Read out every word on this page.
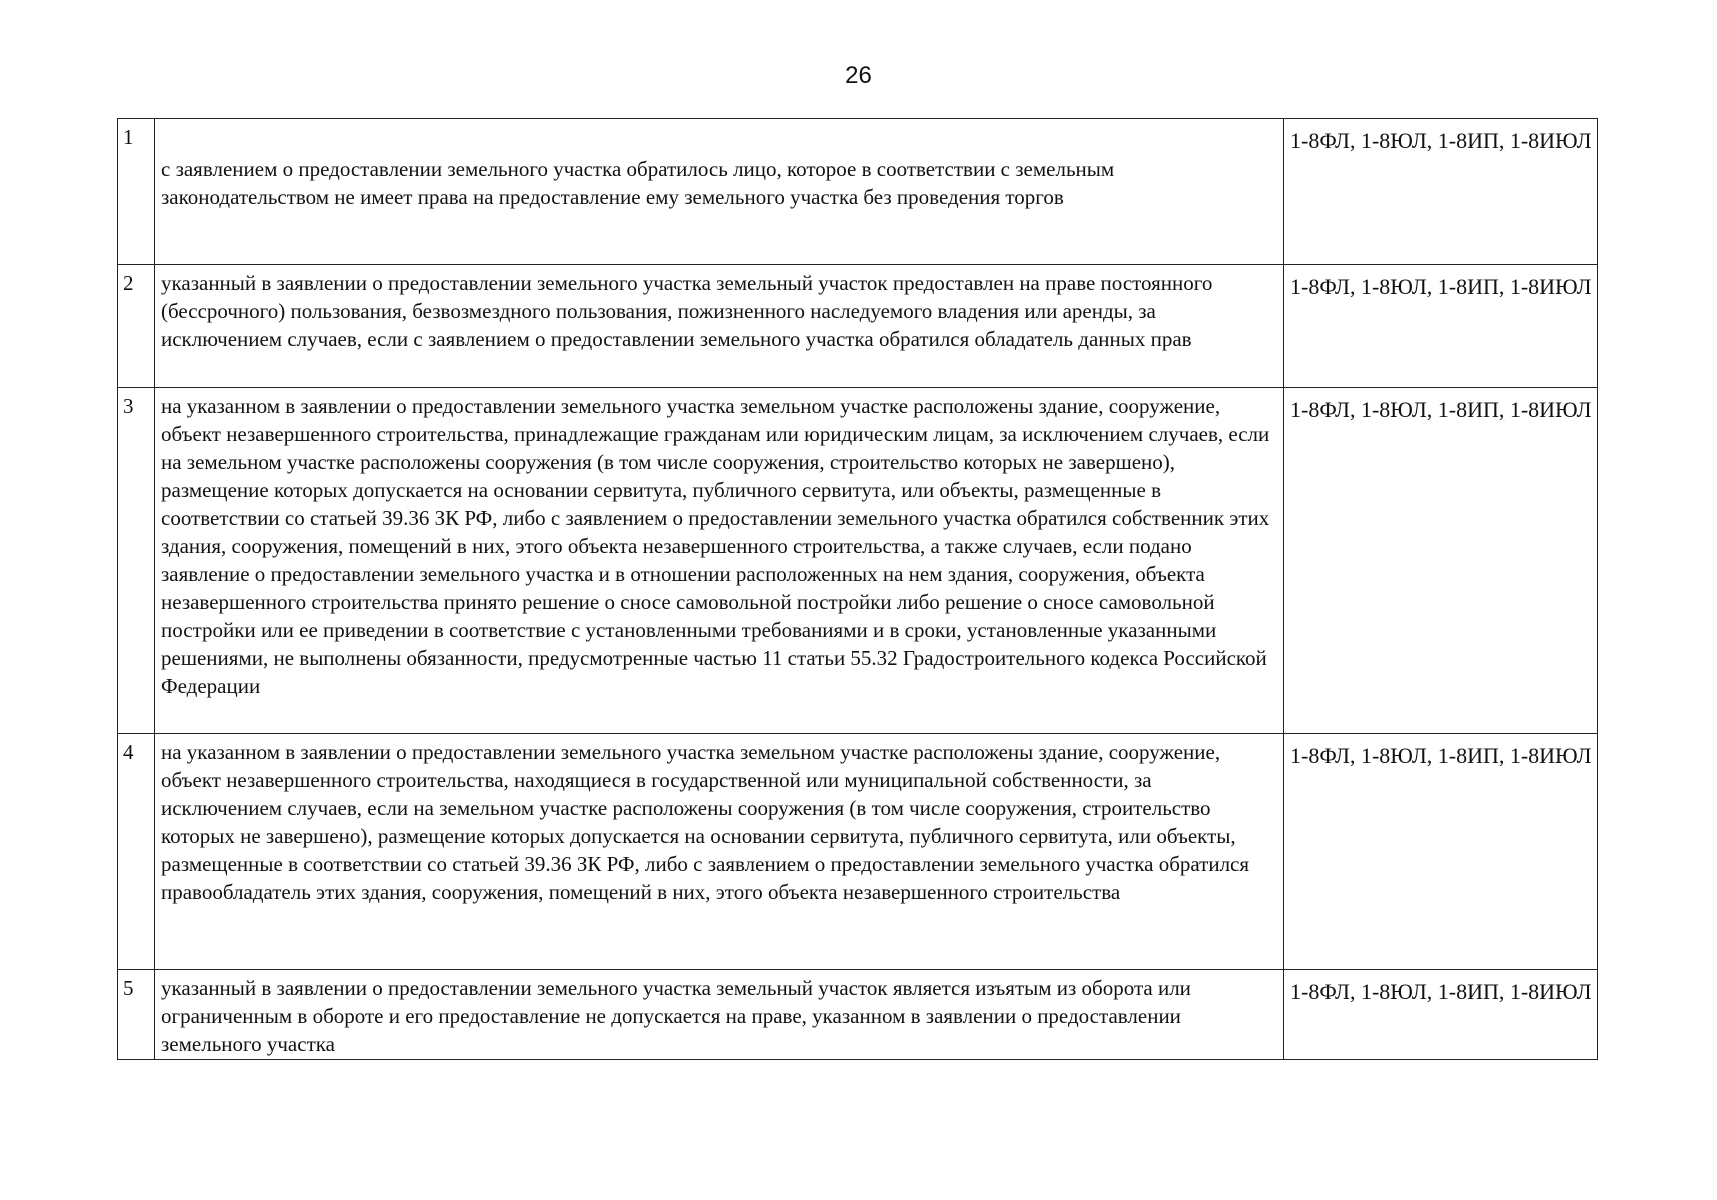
26
1	с заявлением о предоставлении земельного участка обратилось лицо, которое в соответствии с земельным законодательством не имеет права на предоставление ему земельного участка без проведения торгов	1-8ФЛ, 1-8ЮЛ, 1-8ИП, 1-8ИЮЛ
2	указанный в заявлении о предоставлении земельного участка земельный участок предоставлен на праве постоянного (бессрочного) пользования, безвозмездного пользования, пожизненного наследуемого владения или аренды, за исключением случаев, если с заявлением о предоставлении земельного участка обратился обладатель данных прав	1-8ФЛ, 1-8ЮЛ, 1-8ИП, 1-8ИЮЛ
3	на указанном в заявлении о предоставлении земельного участка земельном участке расположены здание, сооружение, объект незавершенного строительства, принадлежащие гражданам или юридическим лицам, за исключением случаев, если на земельном участке расположены сооружения (в том числе сооружения, строительство которых не завершено), размещение которых допускается на основании сервитута, публичного сервитута, или объекты, размещенные в соответствии со статьей 39.36 ЗК РФ, либо с заявлением о предоставлении земельного участка обратился собственник этих здания, сооружения, помещений в них, этого объекта незавершенного строительства, а также случаев, если подано заявление о предоставлении земельного участка и в отношении расположенных на нем здания, сооружения, объекта незавершенного строительства принято решение о сносе самовольной постройки либо решение о сносе самовольной постройки или ее приведении в соответствие с установленными требованиями и в сроки, установленные указанными решениями, не выполнены обязанности, предусмотренные частью 11 статьи 55.32 Градостроительного кодекса Российской Федерации	1-8ФЛ, 1-8ЮЛ, 1-8ИП, 1-8ИЮЛ
4	на указанном в заявлении о предоставлении земельного участка земельном участке расположены здание, сооружение, объект незавершенного строительства, находящиеся в государственной или муниципальной собственности, за исключением случаев, если на земельном участке расположены сооружения (в том числе сооружения, строительство которых не завершено), размещение которых допускается на основании сервитута, публичного сервитута, или объекты, размещенные в соответствии со статьей 39.36 ЗК РФ, либо с заявлением о предоставлении земельного участка обратился правообладатель этих здания, сооружения, помещений в них, этого объекта незавершенного строительства	1-8ФЛ, 1-8ЮЛ, 1-8ИП, 1-8ИЮЛ
5	указанный в заявлении о предоставлении земельного участка земельный участок является изъятым из оборота или ограниченным в обороте и его предоставление не допускается на праве, указанном в заявлении о предоставлении земельного участка	1-8ФЛ, 1-8ЮЛ, 1-8ИП, 1-8ИЮЛ
